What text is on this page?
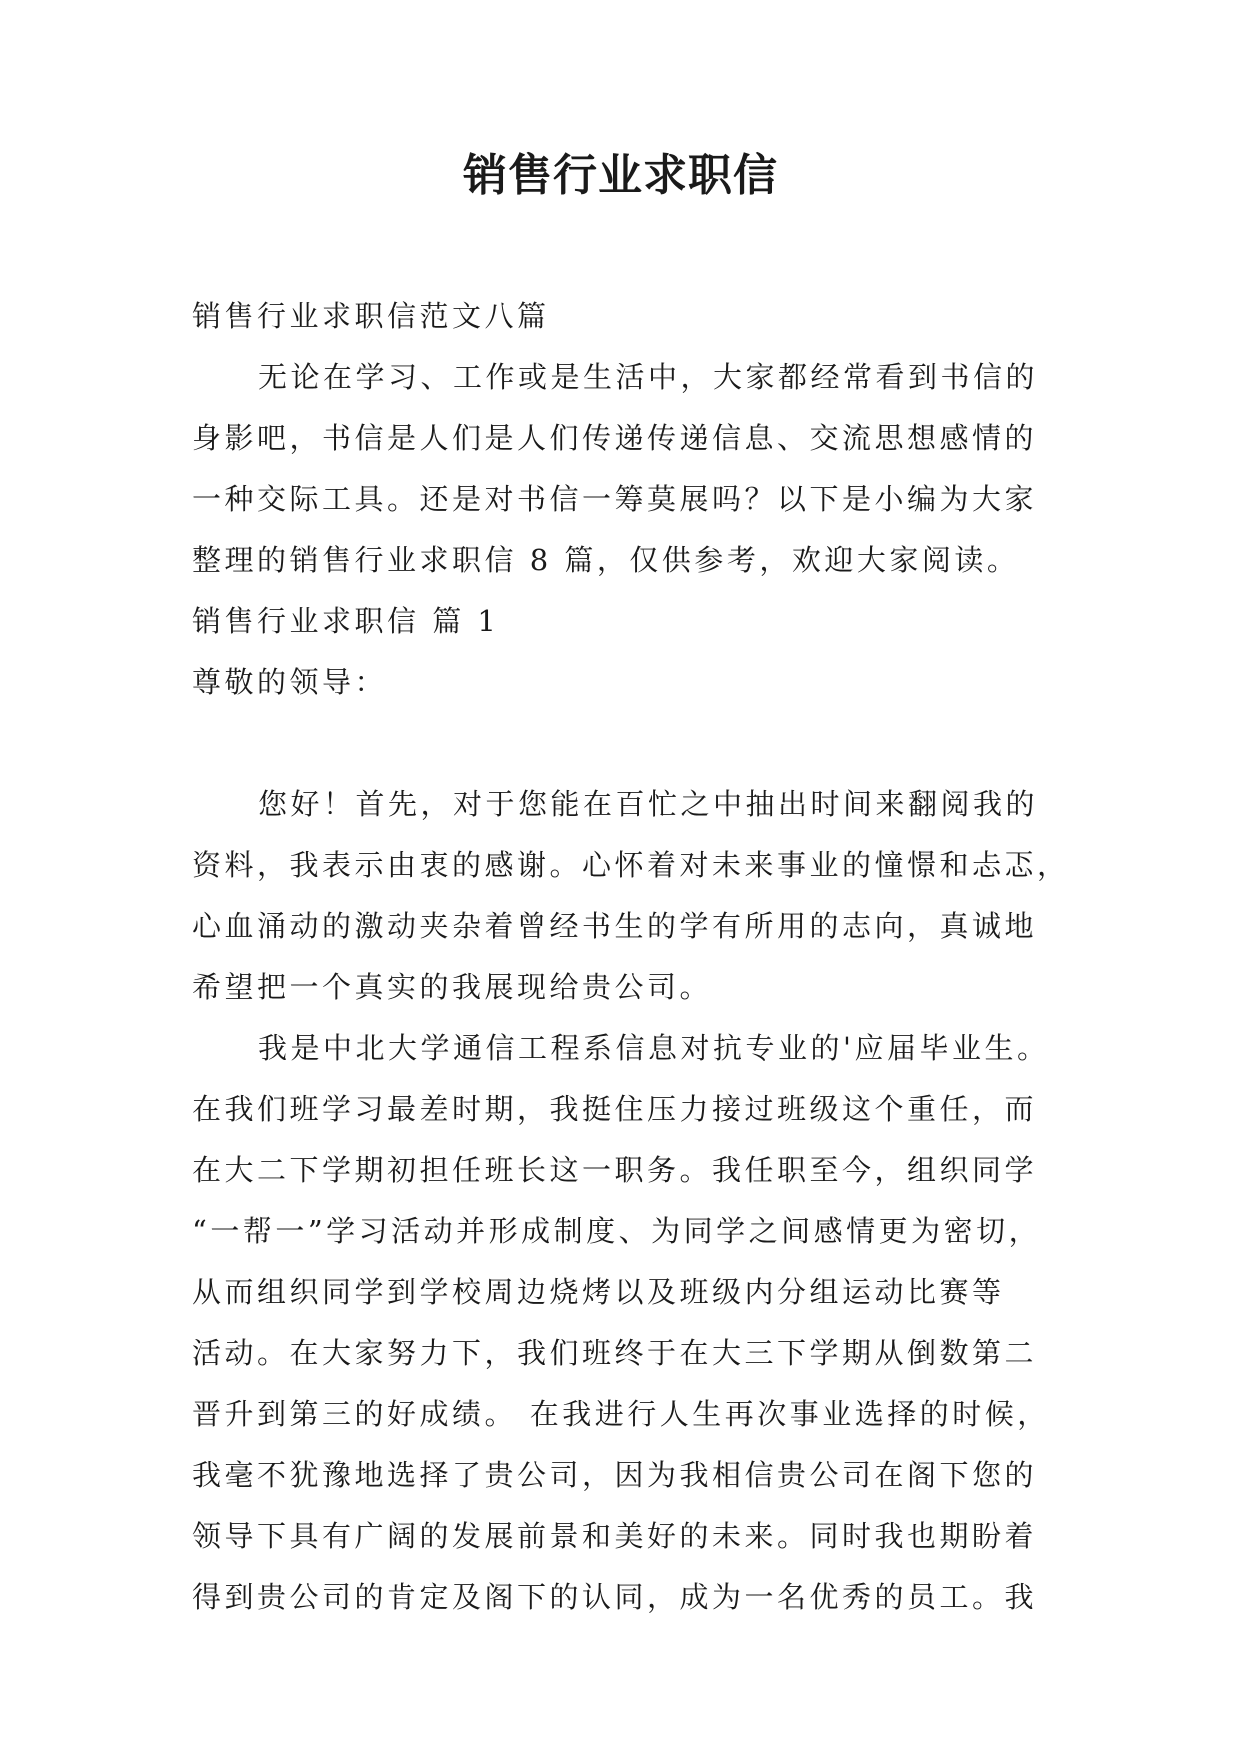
销售行业求职信

销售行业求职信范文八篇

无论在学习、工作或是生活中，大家都经常看到书信的

身影吧，书信是人们是人们传递传递信息、交流思想感情的

一种交际工具。还是对书信一筹莫展吗？以下是小编为大家

整理的销售行业求职信 8 篇，仅供参考，欢迎大家阅读。

销售行业求职信 篇 1

尊敬的领导：

您好！首先，对于您能在百忙之中抽出时间来翻阅我的

资料，我表示由衷的感谢。心怀着对未来事业的憧憬和忐忑，

心血涌动的激动夹杂着曾经书生的学有所用的志向，真诚地

希望把一个真实的我展现给贵公司。

我是中北大学通信工程系信息对抗专业的'应届毕业生。

在我们班学习最差时期，我挺住压力接过班级这个重任，而

在大二下学期初担任班长这一职务。我任职至今，组织同学

“一帮一”学习活动并形成制度、为同学之间感情更为密切，

从而组织同学到学校周边烧烤以及班级内分组运动比赛等

活动。在大家努力下，我们班终于在大三下学期从倒数第二

晋升到第三的好成绩。 在我进行人生再次事业选择的时候，

我毫不犹豫地选择了贵公司，因为我相信贵公司在阁下您的

领导下具有广阔的发展前景和美好的未来。同时我也期盼着

得到贵公司的肯定及阁下的认同，成为一名优秀的员工。我
